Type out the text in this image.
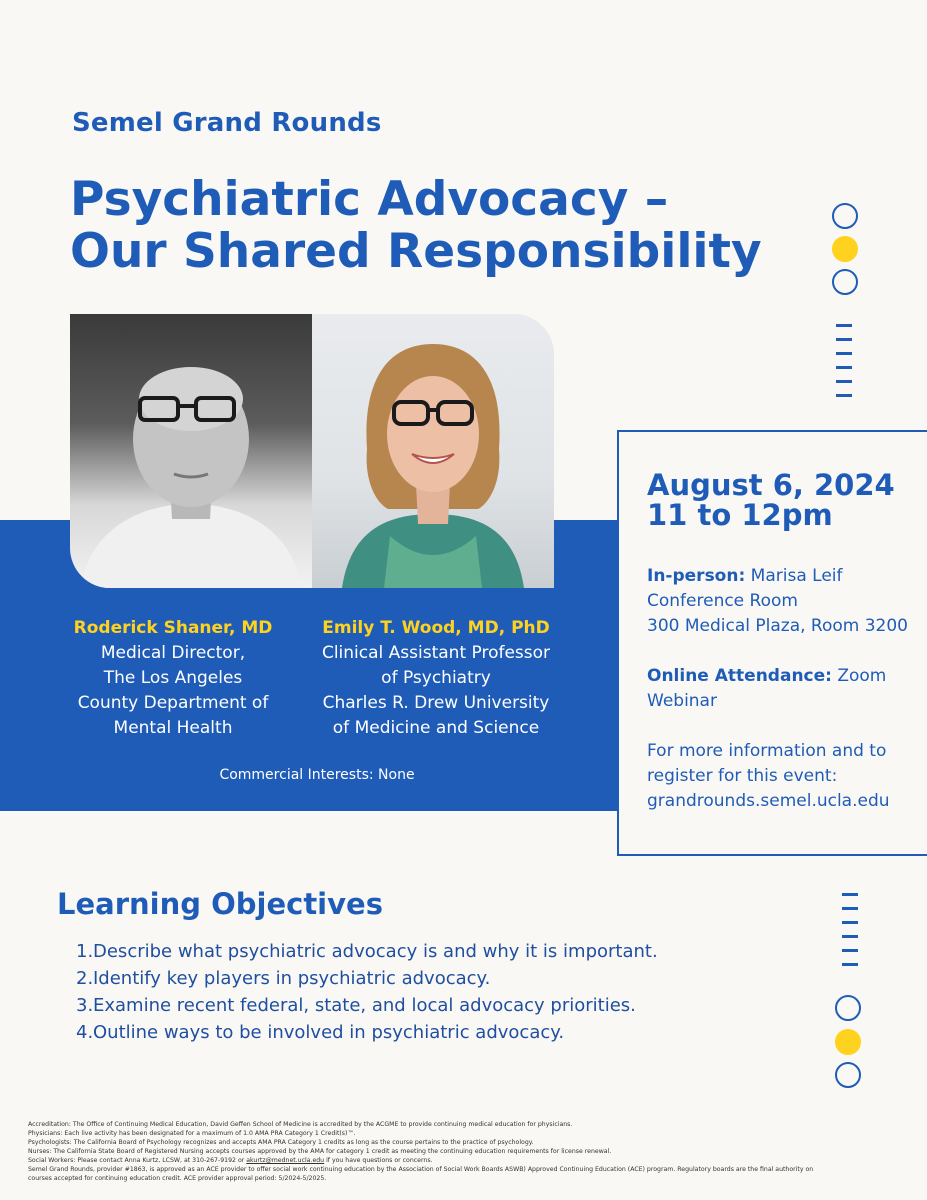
Semel Grand Rounds
Psychiatric Advocacy –
Our Shared Responsibility
Roderick Shaner, MD
Medical Director,
The Los Angeles
County Department of
Mental Health
Emily T. Wood, MD, PhD
Clinical Assistant Professor
of Psychiatry
Charles R. Drew University
of Medicine and Science
Commercial Interests: None
August 6, 2024
11 to 12pm
In-person: Marisa Leif
Conference Room
300 Medical Plaza, Room 3200
Online Attendance: Zoom
Webinar
For more information and to
register for this event:
grandrounds.semel.ucla.edu
Learning Objectives
1. Describe what psychiatric advocacy is and why it is important.
2. Identify key players in psychiatric advocacy.
3. Examine recent federal, state, and local advocacy priorities.
4. Outline ways to be involved in psychiatric advocacy.
Accreditation: The Office of Continuing Medical Education, David Geffen School of Medicine is accredited by the ACGME to provide continuing medical education for physicians.
Physicians: Each live activity has been designated for a maximum of 1.0 AMA PRA Category 1 Credit(s)™.
Psychologists: The California Board of Psychology recognizes and accepts AMA PRA Category 1 credits as long as the course pertains to the practice of psychology.
Nurses: The California State Board of Registered Nursing accepts courses approved by the AMA for category 1 credit as meeting the continuing education requirements for license renewal.
Social Workers: Please contact Anna Kurtz, LCSW, at 310-267-9192 or akurtz@mednet.ucla.edu if you have questions or concerns.
Semel Grand Rounds, provider #1863, is approved as an ACE provider to offer social work continuing education by the Association of Social Work Boards ASWB) Approved Continuing Education (ACE) program. Regulatory boards are the final authority on
courses accepted for continuing education credit. ACE provider approval period: 5/2024-5/2025.
